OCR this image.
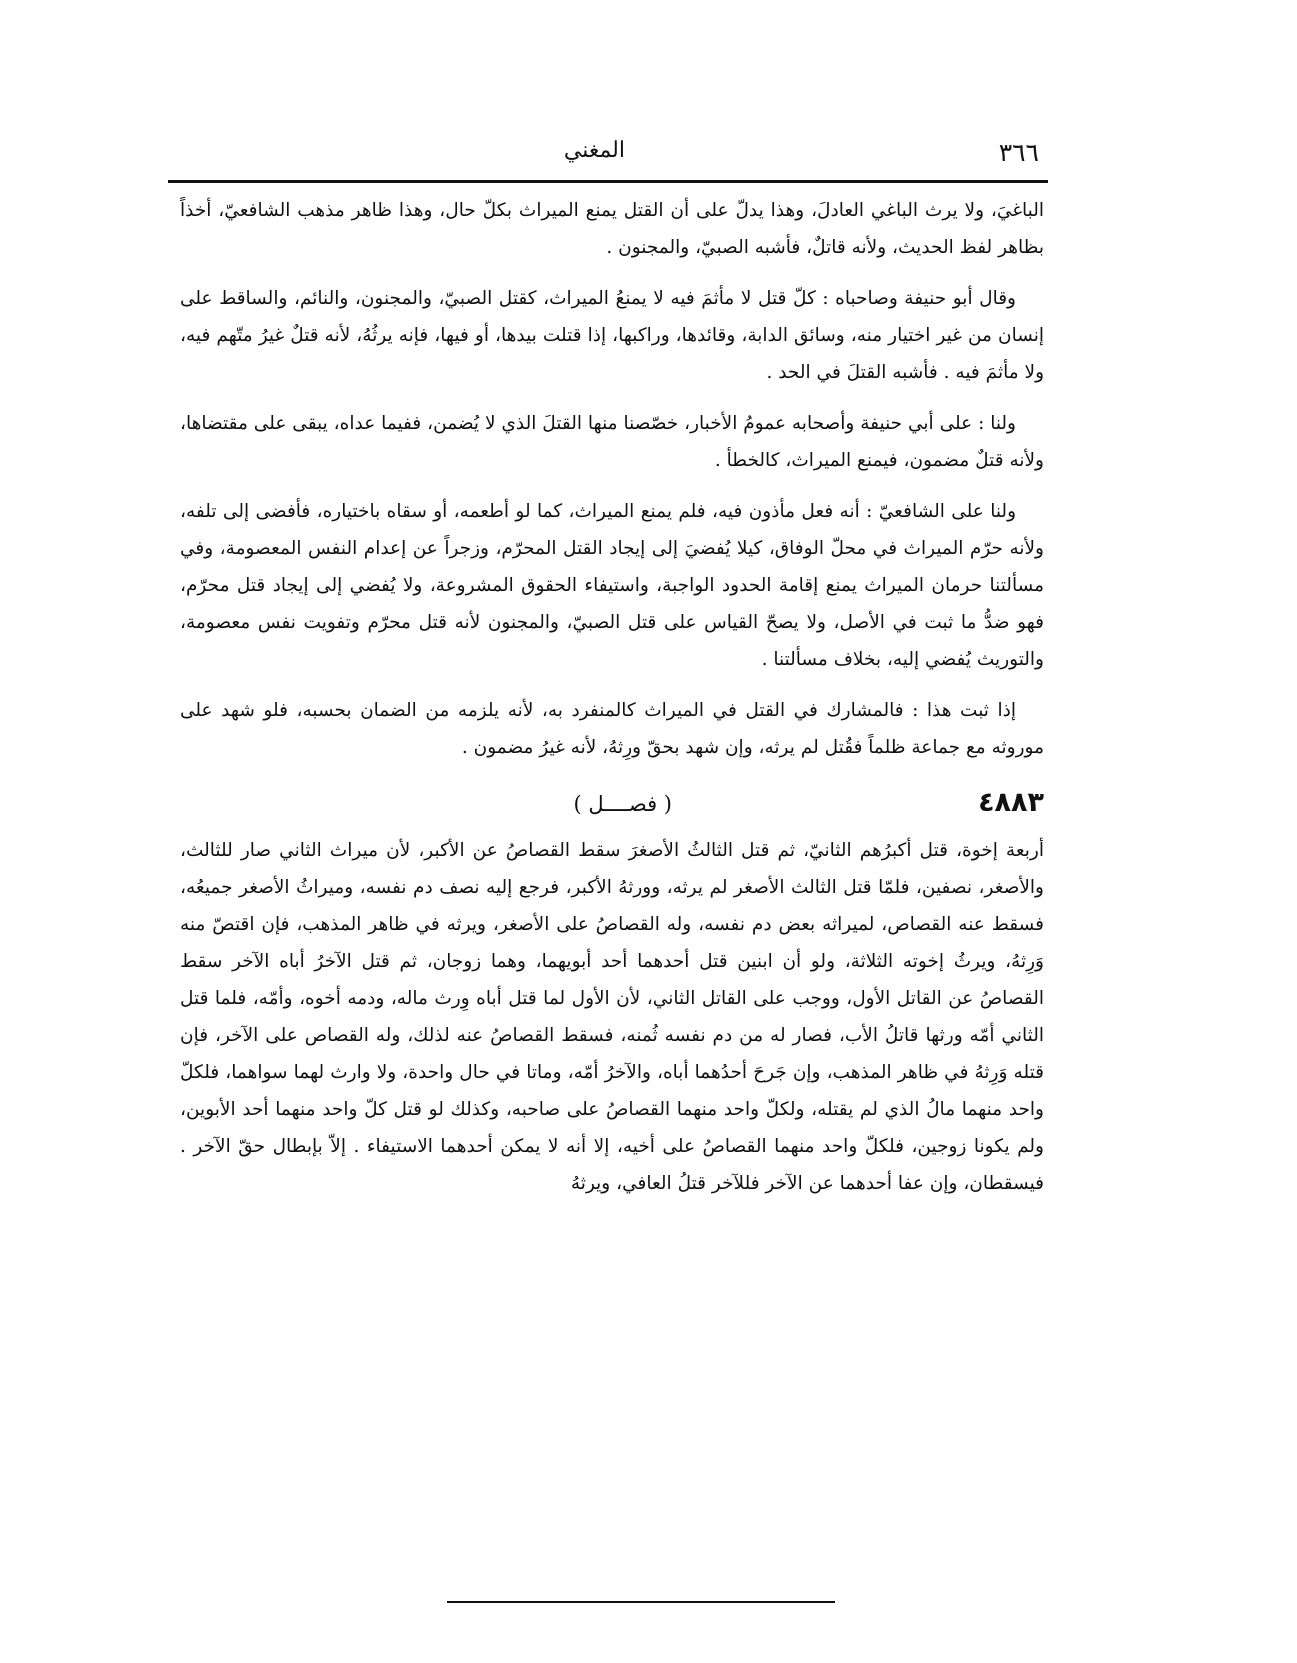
٣٦٦
المغني

الباغيَ، ولا يرث الباغي العادلَ، وهذا يدلّ على أن القتل يمنع الميراث بكلّ حال، وهذا ظاهر مذهب الشافعيّ، أخذاً بظاهر لفظ الحديث، ولأنه قاتلٌ، فأشبه الصبيّ، والمجنون .

وقال أبو حنيفة وصاحباه : كلّ قتل لا مأثمَ فيه لا يمنعُ الميراث، كقتل الصبيّ، والمجنون، والنائم، والساقط على إنسان من غير اختيار منه، وسائق الدابة، وقائدها، وراكبها، إذا قتلت بيدها، أو فيها، فإنه يرثُهُ، لأنه قتلٌ غيرُ متّهم فيه، ولا مأثمَ فيه . فأشبه القتلَ في الحد .

ولنا : على أبي حنيفة وأصحابه عمومُ الأخبار، خصّصنا منها القتلَ الذي لا يُضمن، ففيما عداه، يبقى على مقتضاها، ولأنه قتلٌ مضمون، فيمنع الميراث، كالخطأ .

ولنا على الشافعيّ : أنه فعل مأذون فيه، فلم يمنع الميراث، كما لو أطعمه، أو سقاه باختياره، فأفضى إلى تلفه، ولأنه حرّم الميراث في محلّ الوفاق، كيلا يُفضيَ إلى إيجاد القتل المحرّم، وزجراً عن إعدام النفس المعصومة، وفي مسألتنا حرمان الميراث يمنع إقامة الحدود الواجبة، واستيفاء الحقوق المشروعة، ولا يُفضي إلى إيجاد قتل محرّم، فهو ضدُّ ما ثبت في الأصل، ولا يصحّ القياس على قتل الصبيّ، والمجنون لأنه قتل محرّم وتفويت نفس معصومة، والتوريث يُفضي إليه، بخلاف مسألتنا .

إذا ثبت هذا : فالمشارك في القتل في الميراث كالمنفرد به، لأنه يلزمه من الضمان بحسبه، فلو شهد على موروثه مع جماعة ظلماً فقُتل لم يرثه، وإن شهد بحقّ ورِثهُ، لأنه غيرُ مضمون .

٤٨٨٣
( فصــــل )

أربعة إخوة، قتل أكبرُهم الثانيّ، ثم قتل الثالثُ الأصغرَ سقط القصاصُ عن الأكبر، لأن ميراث الثاني صار للثالث، والأصغر، نصفين، فلمّا قتل الثالث الأصغر لم يرثه، وورثهُ الأكبر، فرجع إليه نصف دم نفسه، وميراثُ الأصغر جميعُه، فسقط عنه القصاص، لميراثه بعض دم نفسه، وله القصاصُ على الأصغر، ويرثه في ظاهر المذهب، فإن اقتصّ منه وَرِثهُ، ويرثُ إخوته الثلاثة، ولو أن ابنين قتل أحدهما أحد أبويهما، وهما زوجان، ثم قتل الآخرُ أباه الآخر سقط القصاصُ عن القاتل الأول، ووجب على القاتل الثاني، لأن الأول لما قتل أباه وِرث ماله، ودمه أخوه، وأمّه، فلما قتل الثاني أمّه ورثها قاتلُ الأب، فصار له من دم نفسه ثُمنه، فسقط القصاصُ عنه لذلك، وله القصاص على الآخر، فإن قتله وَرِثهُ في ظاهر المذهب، وإن جَرحَ أحدُهما أباه، والآخرُ أمّه، وماتا في حال واحدة، ولا وارث لهما سواهما، فلكلّ واحد منهما مالُ الذي لم يقتله، ولكلّ واحد منهما القصاصُ على صاحبه، وكذلك لو قتل كلّ واحد منهما أحد الأبوين، ولم يكونا زوجين، فلكلّ واحد منهما القصاصُ على أخيه، إلا أنه لا يمكن أحدهما الاستيفاء . إلاّ بإبطال حقّ الآخر . فيسقطان، وإن عفا أحدهما عن الآخر فللآخر قتلُ العافي، ويرثهُ
